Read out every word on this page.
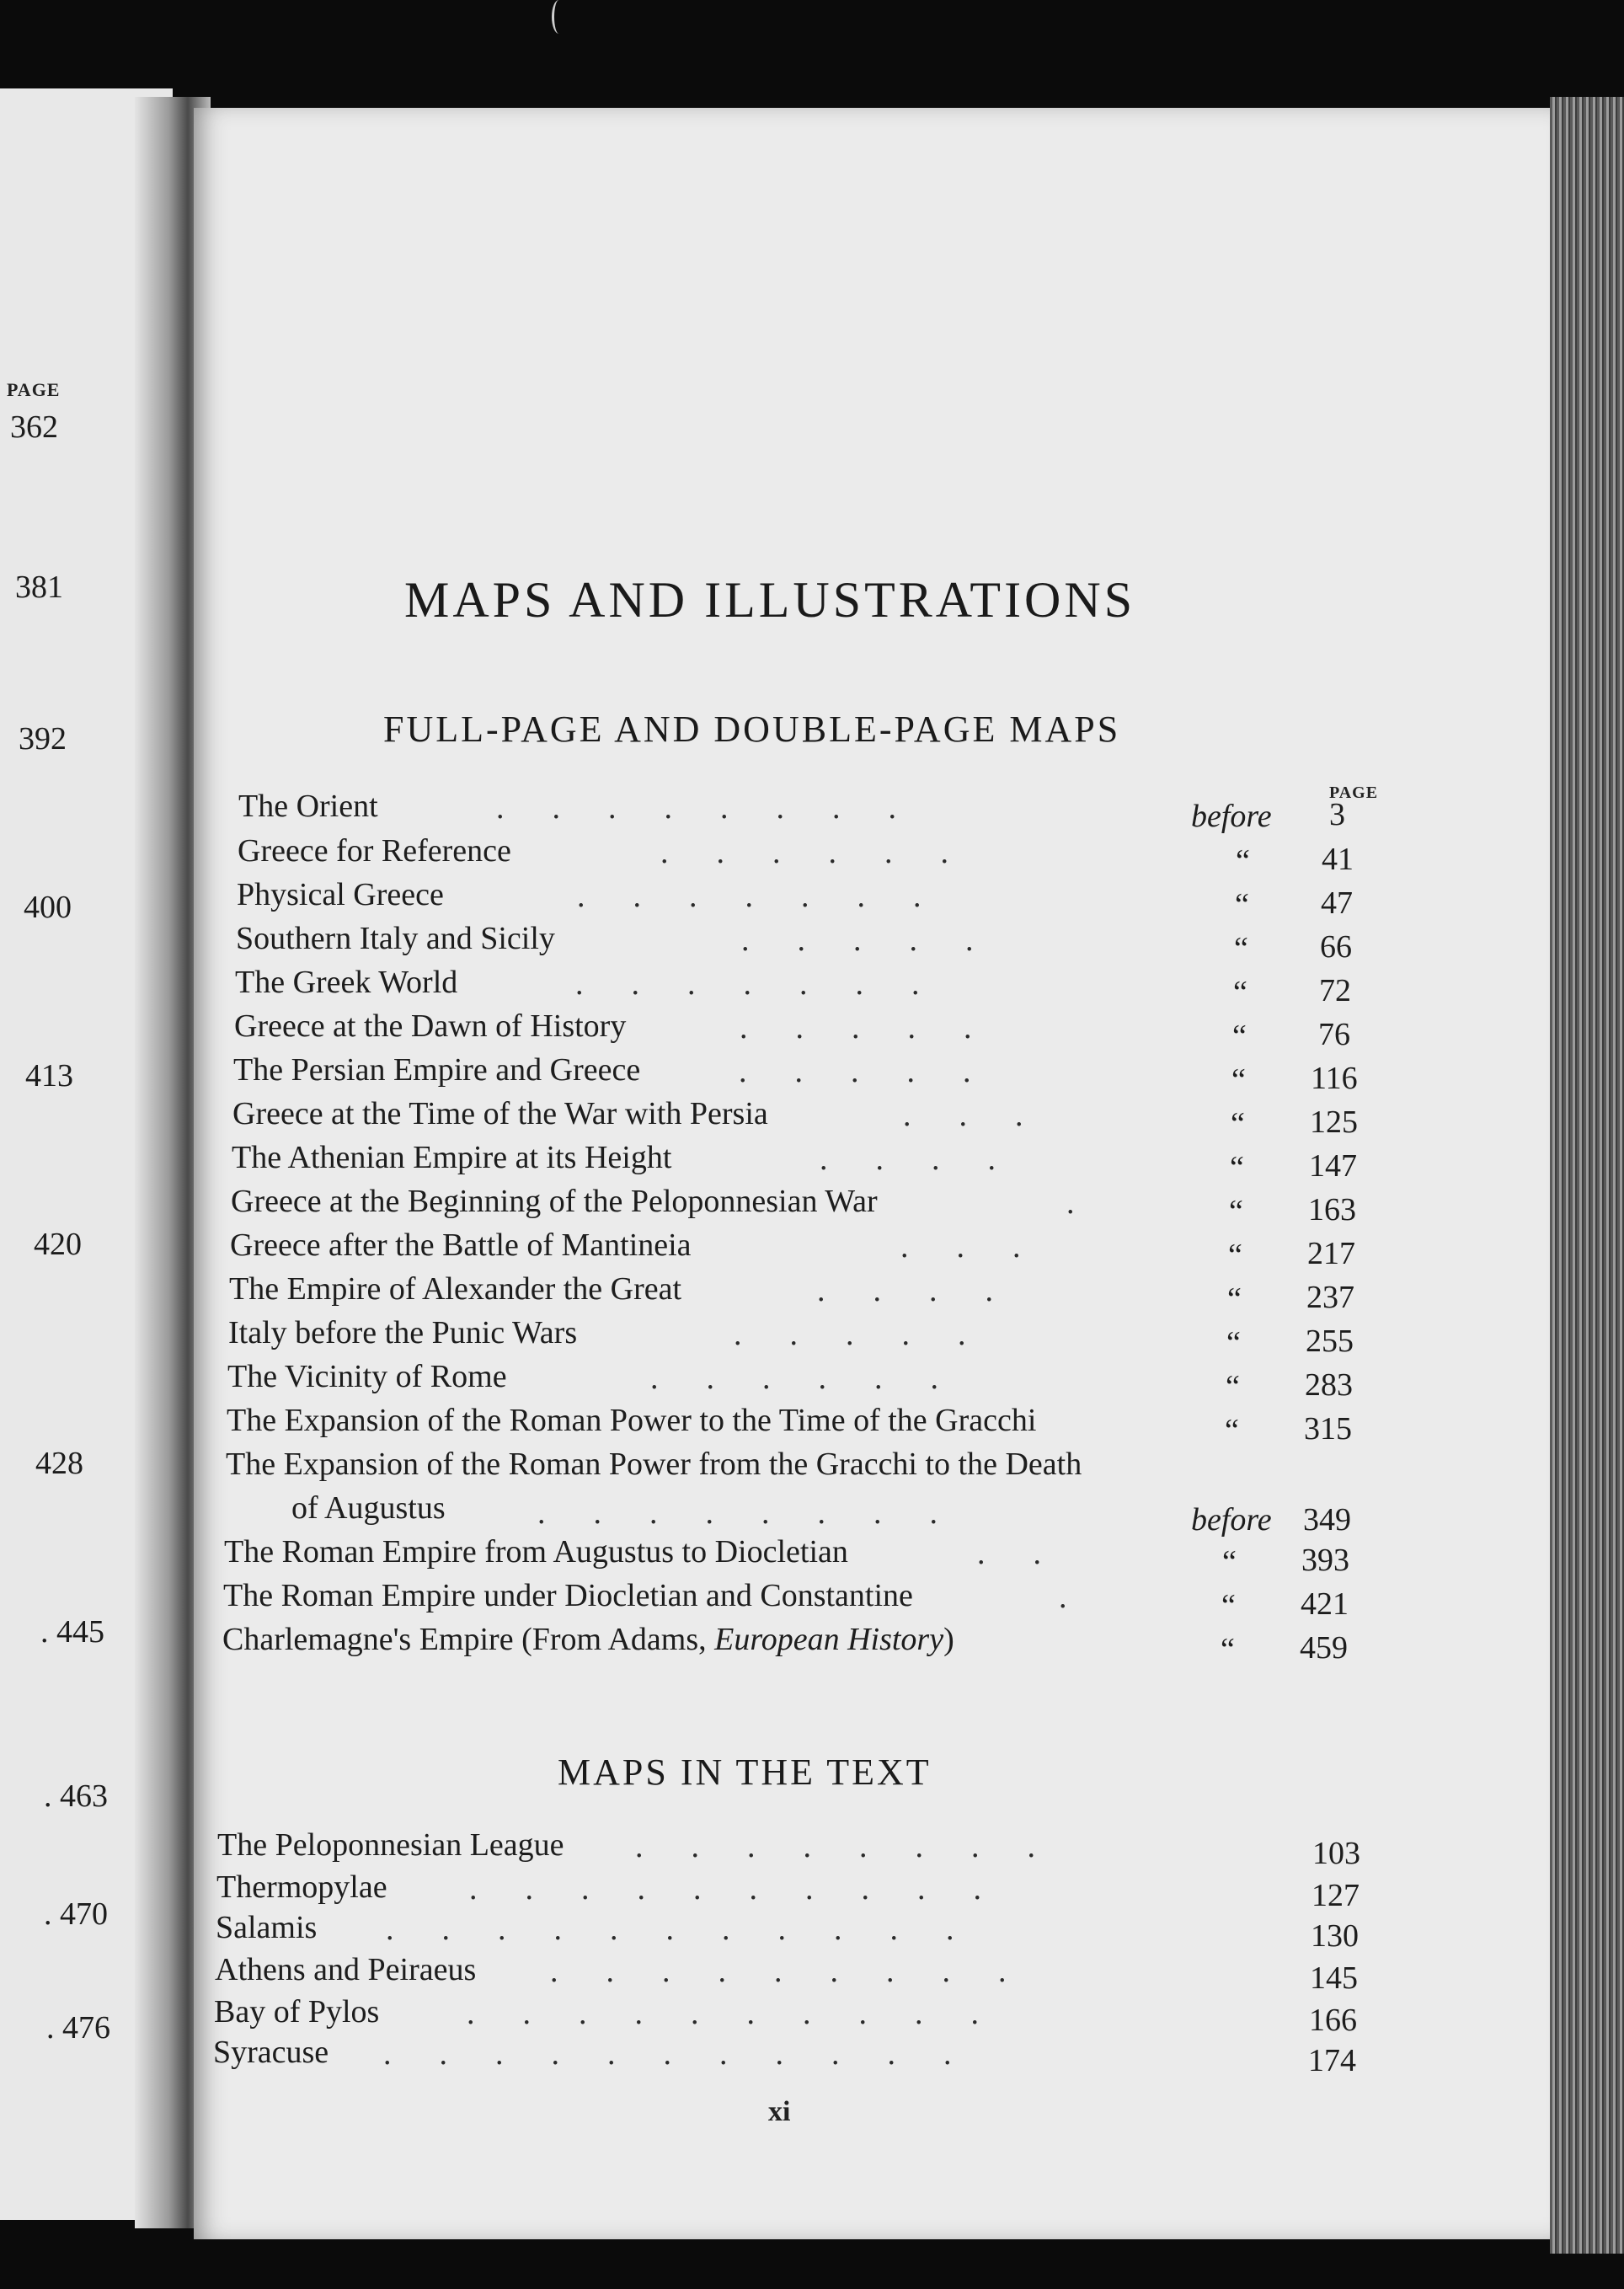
PAGE
362
381
392
400
413
420
428
. 445
. 463
. 470
. 476
MAPS AND ILLUSTRATIONS
FULL-PAGE AND DOUBLE-PAGE MAPS
PAGE
The Orient	.  .  .  .  .  .  .  .	before 3
Greece for Reference	.  .  .  .  .  .	“ 41
Physical Greece	.  .  .  .  .  .  .	“ 47
Southern Italy and Sicily	.  .  .  .  .	“ 66
The Greek World	.  .  .  .  .  .  .	“ 72
Greece at the Dawn of History	.  .  .  .  .	“ 76
The Persian Empire and Greece	.  .  .  .  .	“ 116
Greece at the Time of the War with Persia	.  .  .	“ 125
The Athenian Empire at its Height	.  .  .  .	“ 147
Greece at the Beginning of the Peloponnesian War	.	“ 163
Greece after the Battle of Mantineia	.  .  .	“ 217
The Empire of Alexander the Great	.  .  .  .	“ 237
Italy before the Punic Wars	.  .  .  .  .	“ 255
The Vicinity of Rome	.  .  .  .  .  .	“ 283
The Expansion of the Roman Power to the Time of the Gracchi	“ 315
The Expansion of the Roman Power from the Gracchi to the Death
of Augustus	.  .  .  .  .  .  .  .	before 349
The Roman Empire from Augustus to Diocletian	.  .	“ 393
The Roman Empire under Diocletian and Constantine	.	“ 421
Charlemagne's Empire (From Adams, European History)	“ 459
MAPS IN THE TEXT
The Peloponnesian League .  .  .  .  .  .  .  .	103
Thermopylae	.  .  .  .  .  .  .  .  .  .	127
Salamis .  .  .  .  .  .  .  .  .  .  .	130
Athens and Peiraeus .  .  .  .  .  .  .  .  .	145
Bay of Pylos	.  .  .  .  .  .  .  .  .  .	166
Syracuse .  .  .  .  .  .  .  .  .  .  .	174
xi
